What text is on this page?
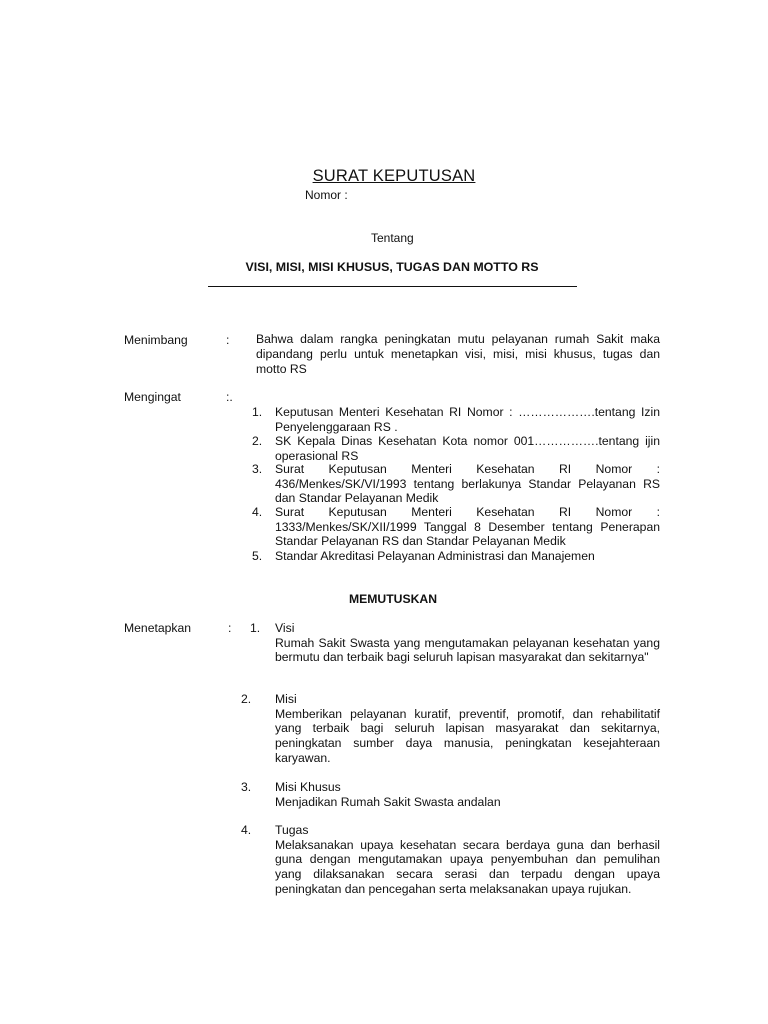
SURAT KEPUTUSAN
Nomor :
Tentang
VISI, MISI, MISI KHUSUS, TUGAS DAN MOTTO RS
Menimbang	: Bahwa dalam rangka peningkatan mutu pelayanan rumah Sakit maka dipandang perlu untuk menetapkan visi, misi, misi khusus, tugas dan motto RS
Mengingat	:.
1.	Keputusan Menteri Kesehatan RI Nomor : ……………….tentang Izin Penyelenggaraan RS .
2.	SK Kepala Dinas Kesehatan Kota nomor 001…………….tentang ijin operasional RS
3.	Surat Keputusan Menteri Kesehatan RI Nomor : 436/Menkes/SK/VI/1993 tentang berlakunya Standar Pelayanan RS dan Standar Pelayanan Medik
4.	Surat Keputusan Menteri Kesehatan RI Nomor : 1333/Menkes/SK/XII/1999 Tanggal 8 Desember tentang Penerapan Standar Pelayanan RS dan Standar Pelayanan Medik
5.	Standar Akreditasi Pelayanan Administrasi dan Manajemen
MEMUTUSKAN
Menetapkan	: 1.	Visi
Rumah Sakit Swasta yang mengutamakan pelayanan kesehatan yang bermutu dan terbaik bagi seluruh lapisan masyarakat dan sekitarnya"
2.	Misi
Memberikan pelayanan kuratif, preventif, promotif, dan rehabilitatif yang terbaik bagi seluruh lapisan masyarakat dan sekitarnya, peningkatan sumber daya manusia, peningkatan kesejahteraan karyawan.
3.	Misi Khusus
Menjadikan Rumah Sakit Swasta andalan
4.	Tugas
Melaksanakan upaya kesehatan secara berdaya guna dan berhasil guna dengan mengutamakan upaya penyembuhan dan pemulihan yang dilaksanakan secara serasi dan terpadu dengan upaya peningkatan dan pencegahan serta melaksanakan upaya rujukan.
